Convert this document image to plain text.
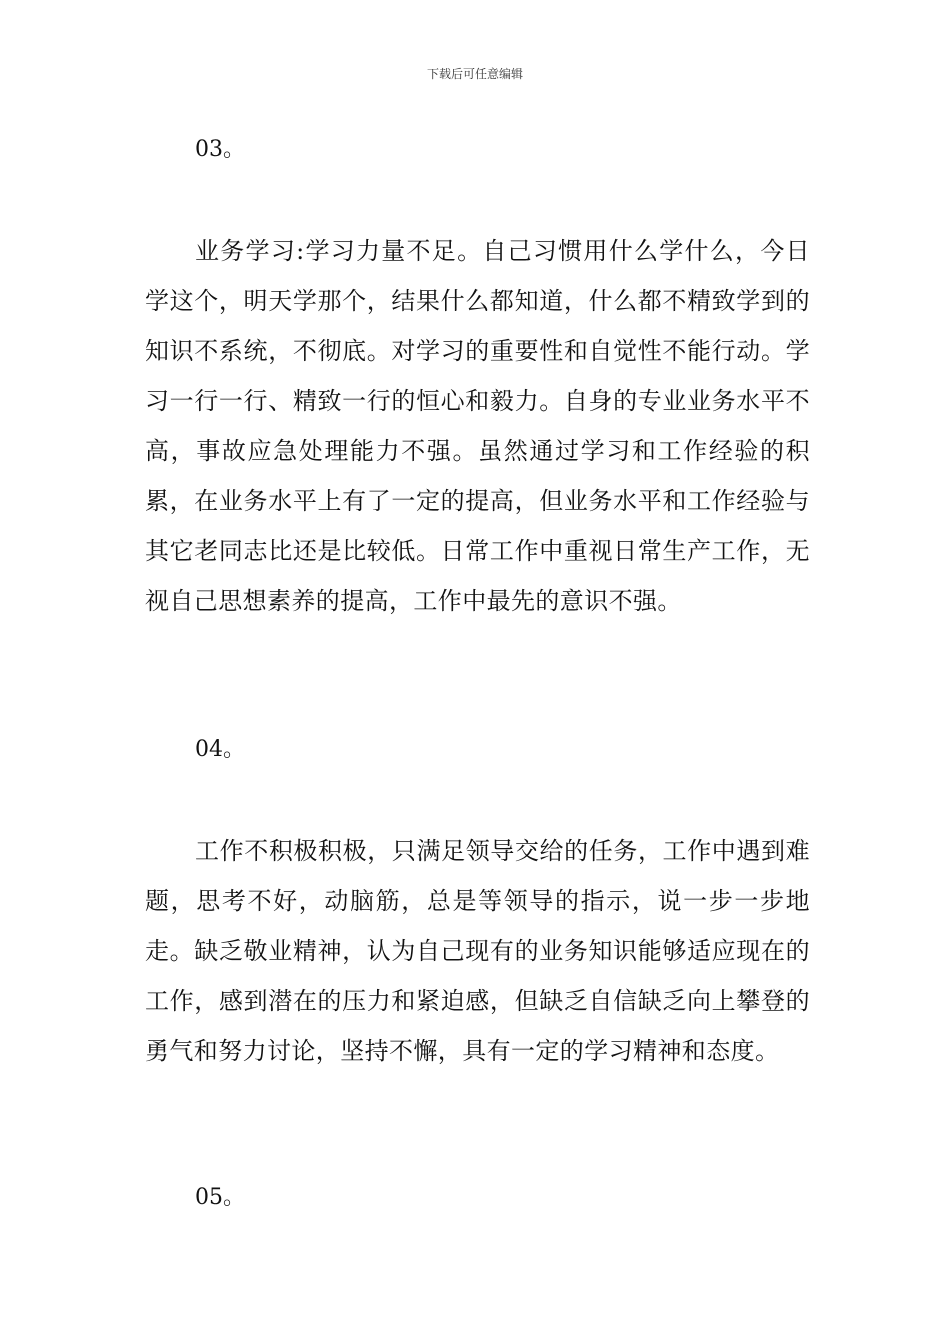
下载后可任意编辑

03。

业务学习:学习力量不足。自己习惯用什么学什么，今日学这个，明天学那个，结果什么都知道，什么都不精致学到的知识不系统，不彻底。对学习的重要性和自觉性不能行动。学习一行一行、精致一行的恒心和毅力。自身的专业业务水平不高，事故应急处理能力不强。虽然通过学习和工作经验的积累，在业务水平上有了一定的提高，但业务水平和工作经验与其它老同志比还是比较低。日常工作中重视日常生产工作，无视自己思想素养的提高，工作中最先的意识不强。

04。

工作不积极积极，只满足领导交给的任务，工作中遇到难题，思考不好，动脑筋，总是等领导的指示，说一步一步地走。缺乏敬业精神，认为自己现有的业务知识能够适应现在的工作，感到潜在的压力和紧迫感，但缺乏自信缺乏向上攀登的勇气和努力讨论，坚持不懈，具有一定的学习精神和态度。

05。
